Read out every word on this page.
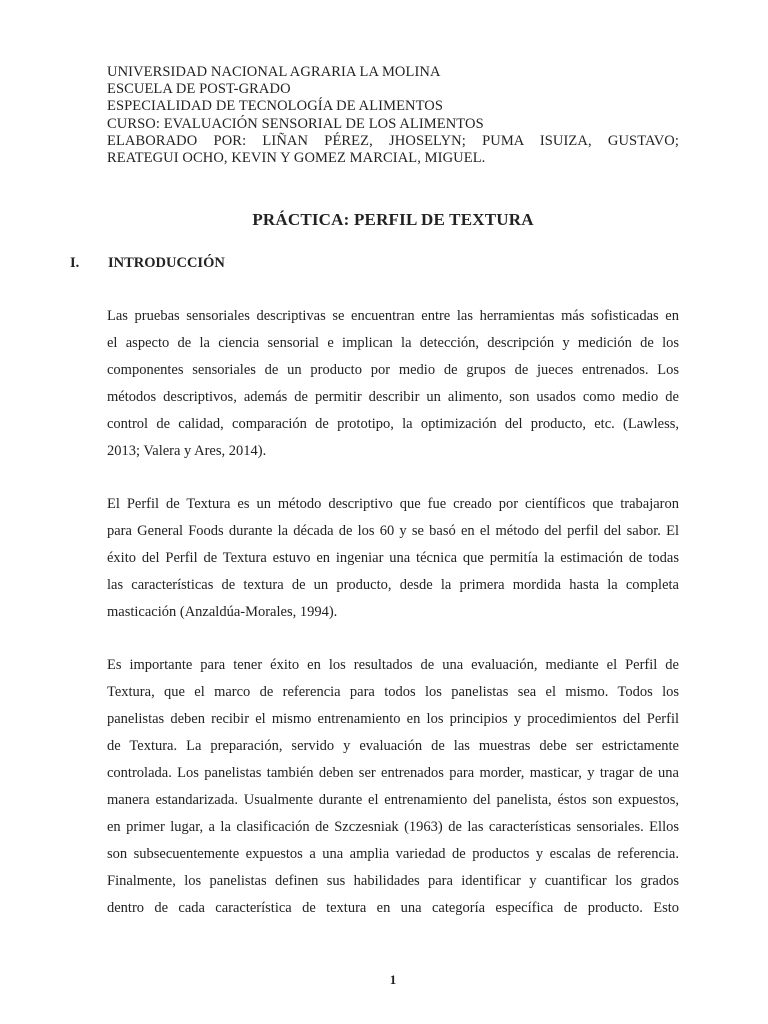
UNIVERSIDAD NACIONAL AGRARIA LA MOLINA
ESCUELA DE POST-GRADO
ESPECIALIDAD DE TECNOLOGÍA DE ALIMENTOS
CURSO: EVALUACIÓN SENSORIAL DE LOS ALIMENTOS
ELABORADO POR: LIÑAN PÉREZ, JHOSELYN; PUMA ISUIZA, GUSTAVO;
REATEGUI OCHO, KEVIN Y GOMEZ MARCIAL, MIGUEL.
PRÁCTICA: PERFIL DE TEXTURA
I. INTRODUCCIÓN
Las pruebas sensoriales descriptivas se encuentran entre las herramientas más sofisticadas en
el aspecto de la ciencia sensorial e implican la detección, descripción y medición de los
componentes sensoriales de un producto por medio de grupos de jueces entrenados. Los
métodos descriptivos, además de permitir describir un alimento, son usados como medio de
control de calidad, comparación de prototipo, la optimización del producto, etc. (Lawless,
2013; Valera y Ares, 2014).
El Perfil de Textura es un método descriptivo que fue creado por científicos que trabajaron
para General Foods durante la década de los 60 y se basó en el método del perfil del sabor. El
éxito del Perfil de Textura estuvo en ingeniar una técnica que permitía la estimación de todas
las características de textura de un producto, desde la primera mordida hasta la completa
masticación (Anzaldúa-Morales, 1994).
Es importante para tener éxito en los resultados de una evaluación, mediante el Perfil de
Textura, que el marco de referencia para todos los panelistas sea el mismo. Todos los
panelistas deben recibir el mismo entrenamiento en los principios y procedimientos del Perfil
de Textura. La preparación, servido y evaluación de las muestras debe ser estrictamente
controlada. Los panelistas también deben ser entrenados para morder, masticar, y tragar de una
manera estandarizada. Usualmente durante el entrenamiento del panelista, éstos son expuestos,
en primer lugar, a la clasificación de Szczesniak (1963) de las características sensoriales. Ellos
son subsecuentemente expuestos a una amplia variedad de productos y escalas de referencia.
Finalmente, los panelistas definen sus habilidades para identificar y cuantificar los grados
dentro de cada característica de textura en una categoría específica de producto. Esto
1
